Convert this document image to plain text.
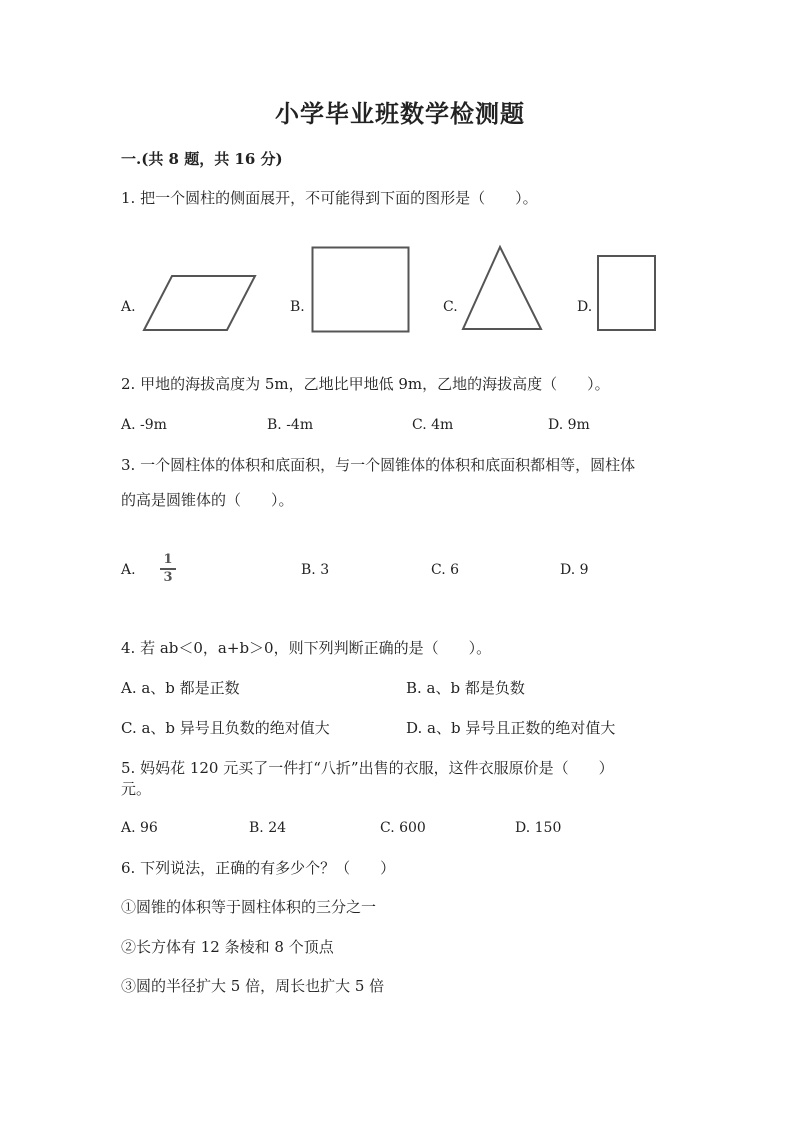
小学毕业班数学检测题
一.(共 8 题，共 16 分)
1. 把一个圆柱的侧面展开，不可能得到下面的图形是（　　）。
A.	B.	C.	D.
2. 甲地的海拔高度为 5m，乙地比甲地低 9m，乙地的海拔高度（　　）。
A. -9m	B. -4m	C. 4m	D. 9m
3. 一个圆柱体的体积和底面积，与一个圆锥体的体积和底面积都相等，圆柱体
的高是圆锥体的（　　）。
A.
1
3	B. 3	C. 6	D. 9
4. 若 ab＜0，a+b＞0，则下列判断正确的是（　　）。
A. a、b 都是正数	B. a、b 都是负数
C. a、b 异号且负数的绝对值大	D. a、b 异号且正数的绝对值大
5. 妈妈花 120 元买了一件打“八折”出售的衣服，这件衣服原价是（　　）
元。
A. 96	B. 24	C. 600	D. 150
6. 下列说法，正确的有多少个？（　　）
①圆锥的体积等于圆柱体积的三分之一
②长方体有 12 条棱和 8 个顶点
③圆的半径扩大 5 倍，周长也扩大 5 倍
